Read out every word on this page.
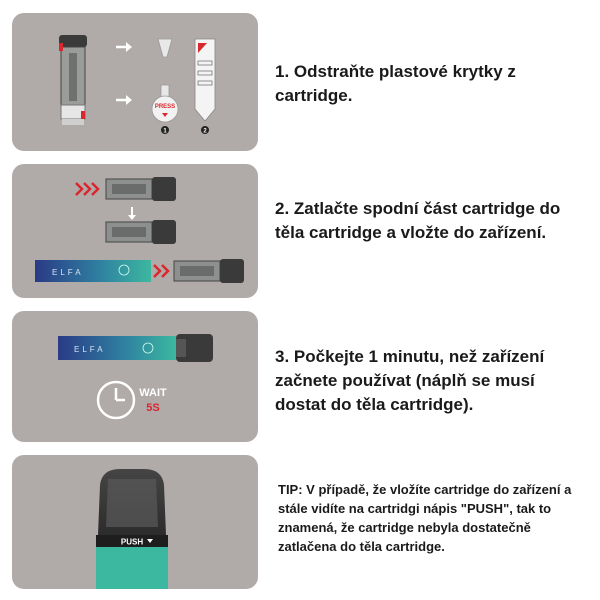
PRESS
1	2

1. Odstraňte plastové krytky z cartridge.

ELFA

2. Zatlačte spodní část cartridge do těla cartridge a vložte do zařízení.

ELFA
WAIT
5S

3. Počkejte 1 minutu, než zařízení začnete používat (náplň se musí dostat do těla cartridge).

PUSH

TIP: V případě, že vložíte cartridge do zařízení a stále vidíte na cartridgi nápis "PUSH", tak to znamená, že cartridge nebyla dostatečně zatlačena do těla cartridge.
